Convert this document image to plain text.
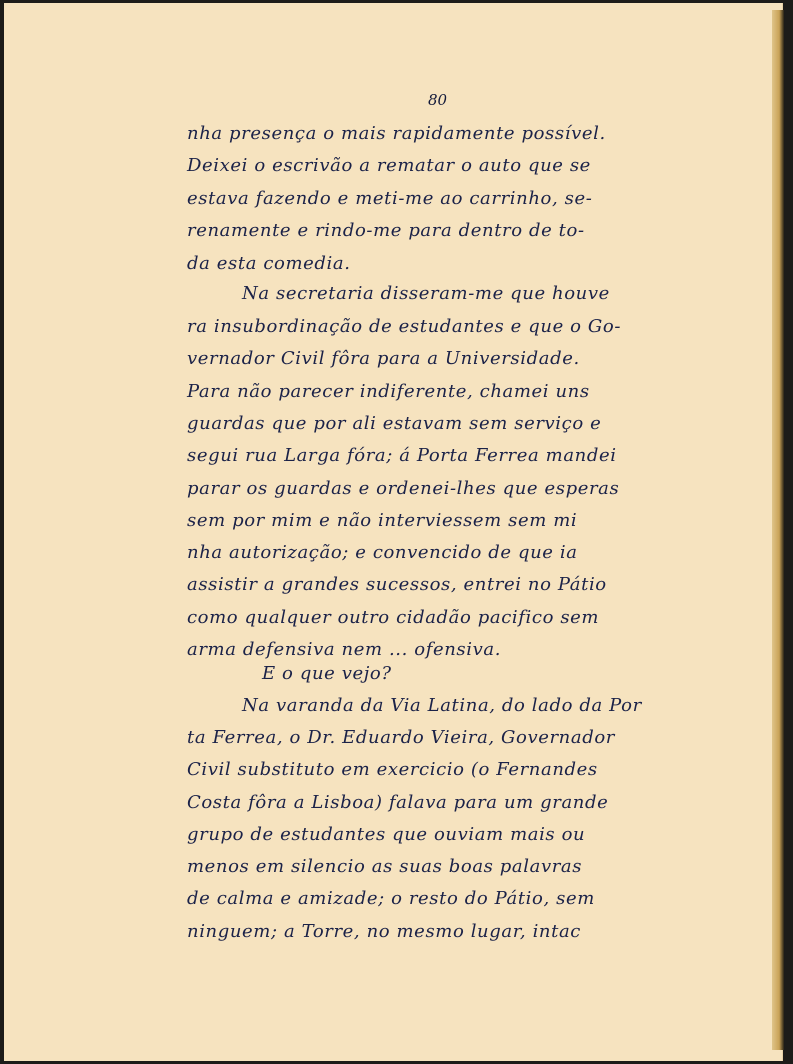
80
nha presença o mais rapidamente possível.
Deixei o escrivão a rematar o auto que se
estava fazendo e meti-me ao carrinho, se-
renamente e rindo-me para dentro de to-
da esta comedia.
Na secretaria disseram-me que houve
ra insubordinação de estudantes e que o Go-
vernador Civil fôra para a Universidade.
Para não parecer indiferente, chamei uns
guardas que por ali estavam sem serviço e
segui rua Larga fóra; á Porta Ferrea mandei
parar os guardas e ordenei-lhes que esperas
sem por mim e não interviessem sem mi
nha autorização; e convencido de que ia
assistir a grandes sucessos, entrei no Pátio
como qualquer outro cidadão pacifico sem
arma defensiva nem ... ofensiva.
E o que vejo?
Na varanda da Via Latina, do lado da Por
ta Ferrea, o Dr. Eduardo Vieira, Governador
Civil substituto em exercicio (o Fernandes
Costa fôra a Lisboa) falava para um grande
grupo de estudantes que ouviam mais ou
menos em silencio as suas boas palavras
de calma e amizade; o resto do Pátio, sem
ninguem; a Torre, no mesmo lugar, intac
